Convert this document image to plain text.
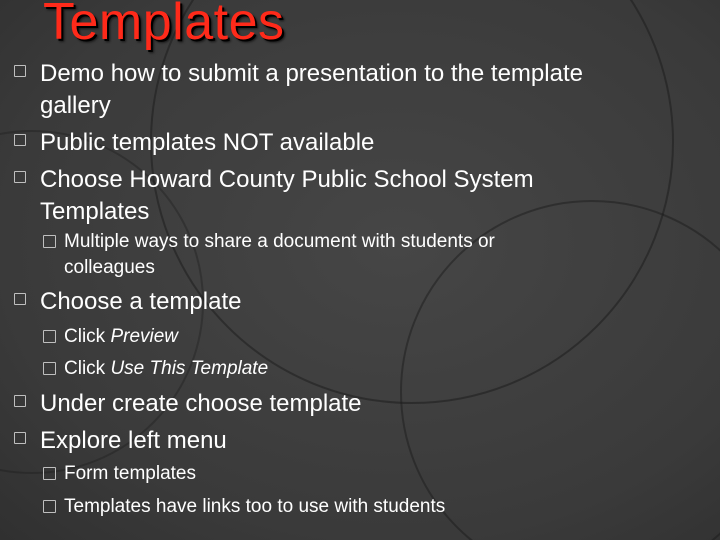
Templates
Demo how to submit a presentation to the template
gallery
Public templates NOT available
Choose Howard County Public School System
Templates
Multiple ways to share a document with students or
colleagues
Choose a template
Click Preview
Click Use This Template
Under create choose template
Explore left menu
Form templates
Templates have links too to use with students
